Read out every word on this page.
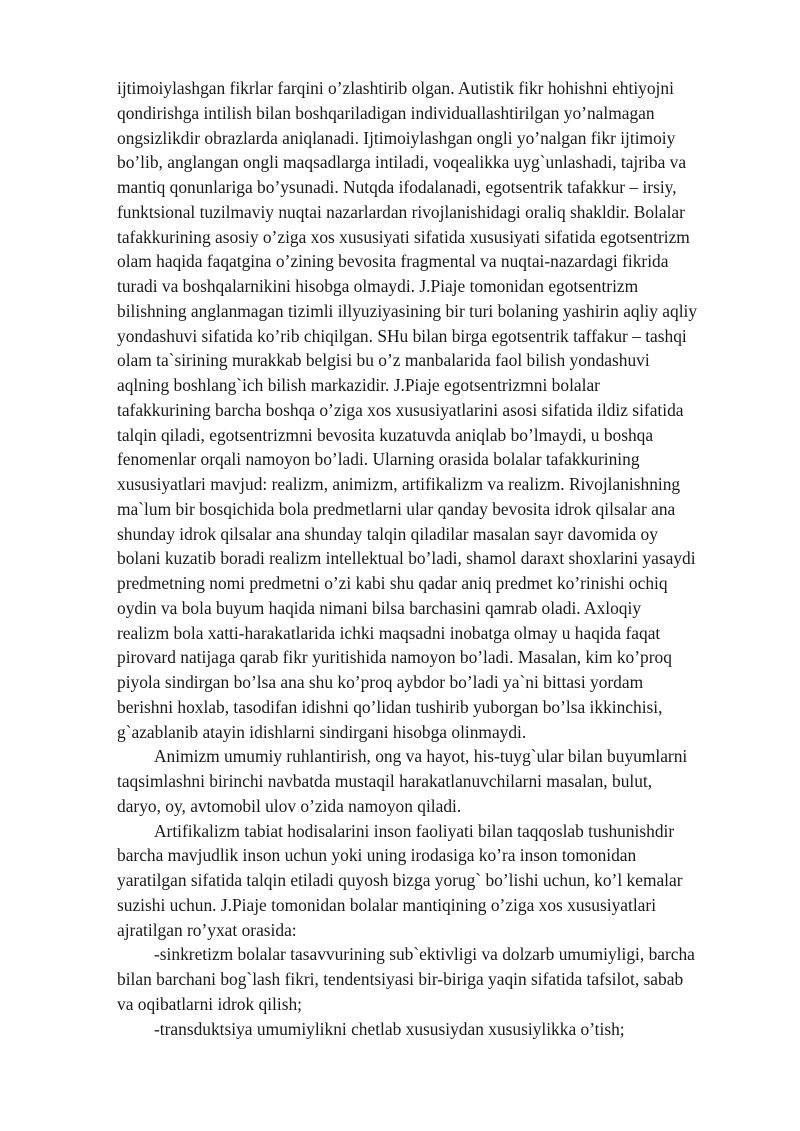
ijtimoiylashgan fikrlar farqini o’zlashtirib olgan. Autistik fikr hohishni ehtiyojni
qondirishga intilish bilan boshqariladigan individuallashtirilgan yo’nalmagan
ongsizlikdir obrazlarda aniqlanadi. Ijtimoiylashgan ongli yo’nalgan fikr ijtimoiy
bo’lib, anglangan ongli maqsadlarga intiladi, voqealikka uyg`unlashadi, tajriba va
mantiq qonunlariga bo’ysunadi. Nutqda ifodalanadi, egotsentrik tafakkur – irsiy,
funktsional tuzilmaviy nuqtai nazarlardan rivojlanishidagi oraliq shakldir. Bolalar
tafakkurining asosiy o’ziga xos xususiyati sifatida xususiyati sifatida egotsentrizm
olam haqida faqatgina o’zining bevosita fragmental va nuqtai-nazardagi fikrida
turadi va boshqalarnikini hisobga olmaydi. J.Piaje tomonidan egotsentrizm
bilishning anglanmagan tizimli illyuziyasining bir turi bolaning yashirin aqliy aqliy
yondashuvi sifatida ko’rib chiqilgan. SHu bilan birga egotsentrik taffakur – tashqi
olam ta`sirining murakkab belgisi bu o’z manbalarida faol bilish yondashuvi
aqlning boshlang`ich bilish markazidir. J.Piaje egotsentrizmni bolalar
tafakkurining barcha boshqa o’ziga xos xususiyatlarini asosi sifatida ildiz sifatida
talqin qiladi, egotsentrizmni bevosita kuzatuvda aniqlab bo’lmaydi, u boshqa
fenomenlar orqali namoyon bo’ladi. Ularning orasida bolalar tafakkurining
xususiyatlari mavjud: realizm, animizm, artifikalizm va realizm. Rivojlanishning
ma`lum bir bosqichida bola predmetlarni ular qanday bevosita idrok qilsalar ana
shunday idrok qilsalar ana shunday talqin qiladilar masalan sayr davomida oy
bolani kuzatib boradi realizm intellektual bo’ladi, shamol daraxt shoxlarini yasaydi
predmetning nomi predmetni o’zi kabi shu qadar aniq predmet ko’rinishi ochiq
oydin va bola buyum haqida nimani bilsa barchasini qamrab oladi. Axloqiy
realizm bola xatti-harakatlarida ichki maqsadni inobatga olmay u haqida faqat
pirovard natijaga qarab fikr yuritishida namoyon bo’ladi. Masalan, kim ko’proq
piyola sindirgan bo’lsa ana shu ko’proq aybdor bo’ladi ya`ni bittasi yordam
berishni hoxlab, tasodifan idishni qo’lidan tushirib yuborgan bo’lsa ikkinchisi,
g`azablanib atayin idishlarni sindirgani hisobga olinmaydi.
Animizm umumiy ruhlantirish, ong va hayot, his-tuyg`ular bilan buyumlarni
taqsimlashni birinchi navbatda mustaqil harakatlanuvchilarni masalan, bulut,
daryo, oy, avtomobil ulov o’zida namoyon qiladi.
Artifikalizm tabiat hodisalarini inson faoliyati bilan taqqoslab tushunishdir
barcha mavjudlik inson uchun yoki uning irodasiga ko’ra inson tomonidan
yaratilgan sifatida talqin etiladi quyosh bizga yorug` bo’lishi uchun, ko’l kemalar
suzishi uchun. J.Piaje tomonidan bolalar mantiqining o’ziga xos xususiyatlari
ajratilgan ro’yxat orasida:
-sinkretizm bolalar tasavvurining sub`ektivligi va dolzarb umumiyligi, barcha
bilan barchani bog`lash fikri, tendentsiyasi bir-biriga yaqin sifatida tafsilot, sabab
va oqibatlarni idrok qilish;
-transduktsiya umumiylikni chetlab xususiydan xususiylikka o’tish;
